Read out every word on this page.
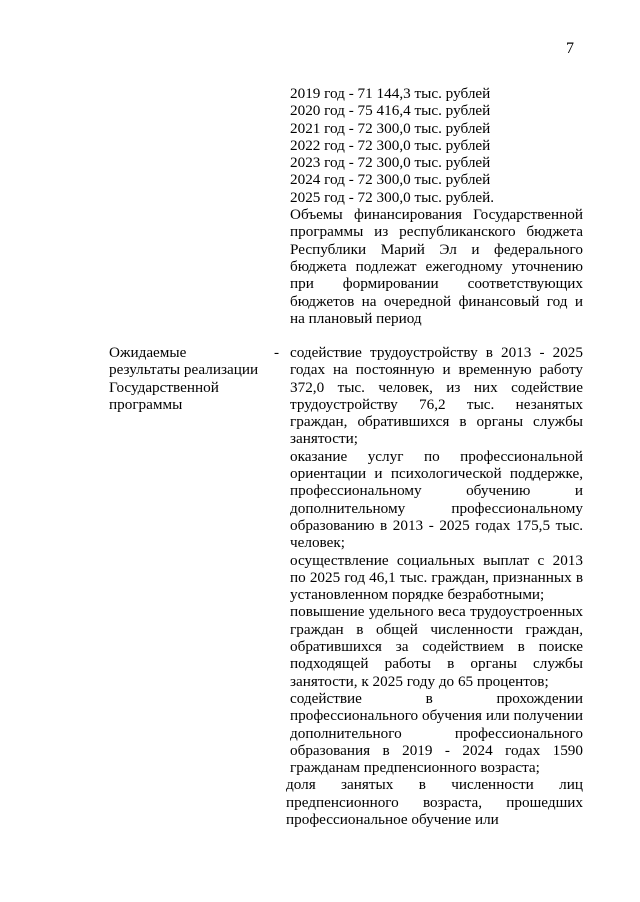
7
2019 год - 71 144,3 тыс. рублей
2020 год - 75 416,4 тыс. рублей
2021 год - 72 300,0 тыс. рублей
2022 год - 72 300,0 тыс. рублей
2023 год - 72 300,0 тыс. рублей
2024 год - 72 300,0 тыс. рублей
2025 год - 72 300,0 тыс. рублей.
Объемы финансирования Государственной программы из республиканского бюджета Республики Марий Эл и федерального бюджета подлежат ежегодному уточнению при формировании соответствующих бюджетов на очередной финансовый год и на плановый период
Ожидаемые результаты реализации Государственной программы
- содействие трудоустройству в 2013 - 2025 годах на постоянную и временную работу 372,0 тыс. человек, из них содействие трудоустройству 76,2 тыс. незанятых граждан, обратившихся в органы службы занятости;
оказание услуг по профессиональной ориентации и психологической поддержке, профессиональному обучению и дополнительному профессиональному образованию в 2013 - 2025 годах 175,5 тыс. человек;
осуществление социальных выплат с 2013 по 2025 год 46,1 тыс. граждан, признанных в установленном порядке безработными;
повышение удельного веса трудоустроенных граждан в общей численности граждан, обратившихся за содействием в поиске подходящей работы в органы службы занятости, к 2025 году до 65 процентов;
содействие в прохождении профессионального обучения или получении дополнительного профессионального образования в 2019 - 2024 годах 1590 гражданам предпенсионного возраста;
доля занятых в численности лиц предпенсионного возраста, прошедших профессиональное обучение или
